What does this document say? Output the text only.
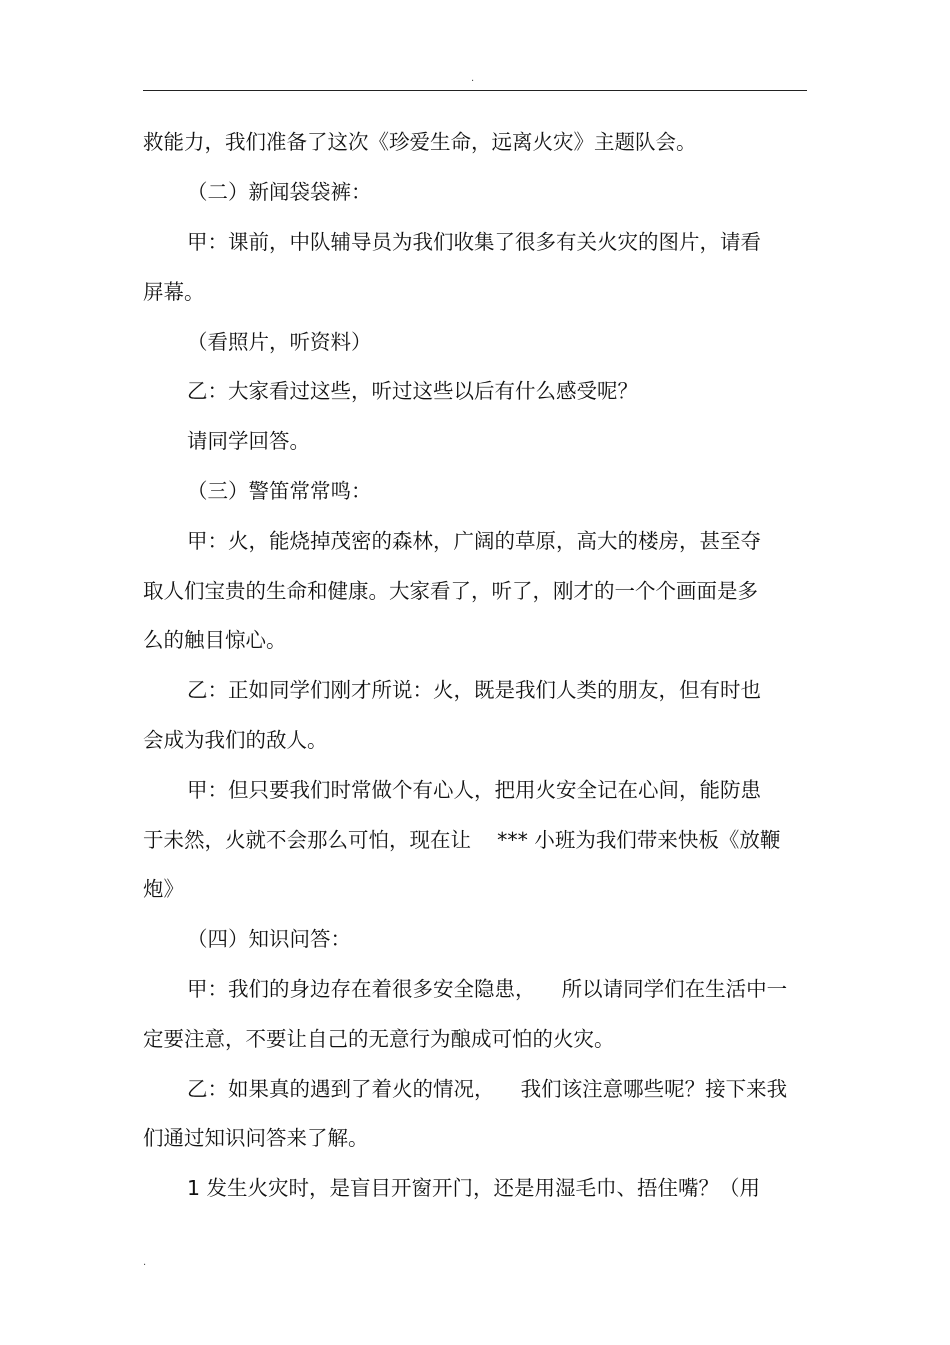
.
救能力，我们准备了这次《珍爱生命，远离火灾》主题队会。
（二）新闻袋袋裤：
甲：课前，中队辅导员为我们收集了很多有关火灾的图片，请看
屏幕。
（看照片，听资料）
乙：大家看过这些，听过这些以后有什么感受呢？
请同学回答。
（三）警笛常常鸣：
甲：火，能烧掉茂密的森林，广阔的草原，高大的楼房，甚至夺
取人们宝贵的生命和健康。大家看了，听了，刚才的一个个画面是多
么的触目惊心。
乙：正如同学们刚才所说：火，既是我们人类的朋友，但有时也
会成为我们的敌人。
甲：但只要我们时常做个有心人，把用火安全记在心间，能防患
于未然，火就不会那么可怕，现在让    *** 小班为我们带来快板《放鞭
炮》
（四）知识问答：
甲：我们的身边存在着很多安全隐患，    所以请同学们在生活中一
定要注意，不要让自己的无意行为酿成可怕的火灾。
乙：如果真的遇到了着火的情况，    我们该注意哪些呢？接下来我
们通过知识问答来了解。
1 发生火灾时，是盲目开窗开门，还是用湿毛巾、捂住嘴？（用
.
